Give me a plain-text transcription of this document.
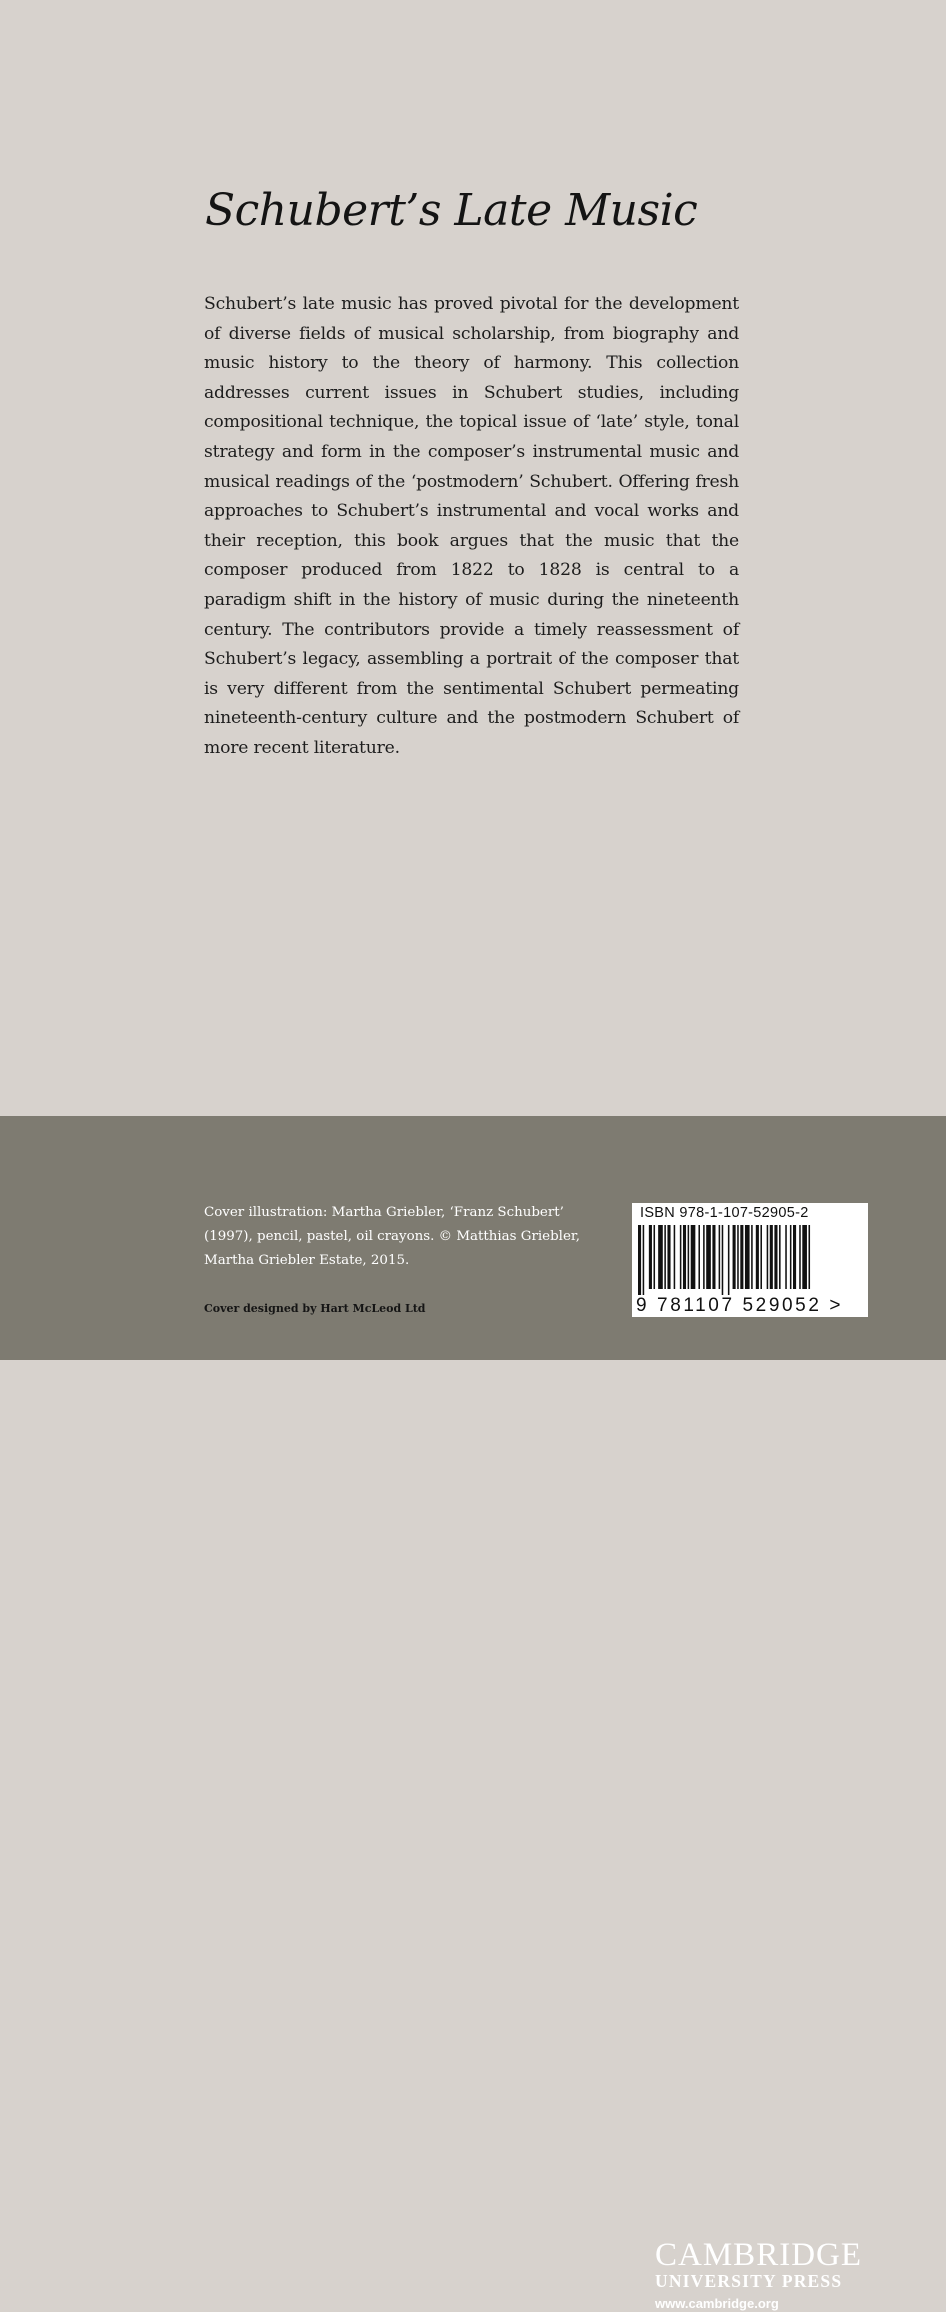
Schubert’s Late Music

Schubert’s late music has proved pivotal for the development of diverse fields of musical scholarship, from biography and music history to the theory of harmony. This collection addresses current issues in Schubert studies, including compositional technique, the topical issue of ‘late’ style, tonal strategy and form in the composer’s instrumental music and musical readings of the ‘postmodern’ Schubert. Offering fresh approaches to Schubert’s instrumental and vocal works and their reception, this book argues that the music that the composer produced from 1822 to 1828 is central to a paradigm shift in the history of music during the nineteenth century. The contributors provide a timely reassessment of Schubert’s legacy, assembling a portrait of the composer that is very different from the sentimental Schubert permeating nineteenth-century culture and the postmodern Schubert of more recent literature.

CAMBRIDGE
UNIVERSITY PRESS
www.cambridge.org

Cover illustration: Martha Griebler, ‘Franz Schubert’ (1997), pencil, pastel, oil crayons. © Matthias Griebler, Martha Griebler Estate, 2015.

Cover designed by Hart McLeod Ltd
ISBN 978-1-107-52905-2
9 781107 529052 >
